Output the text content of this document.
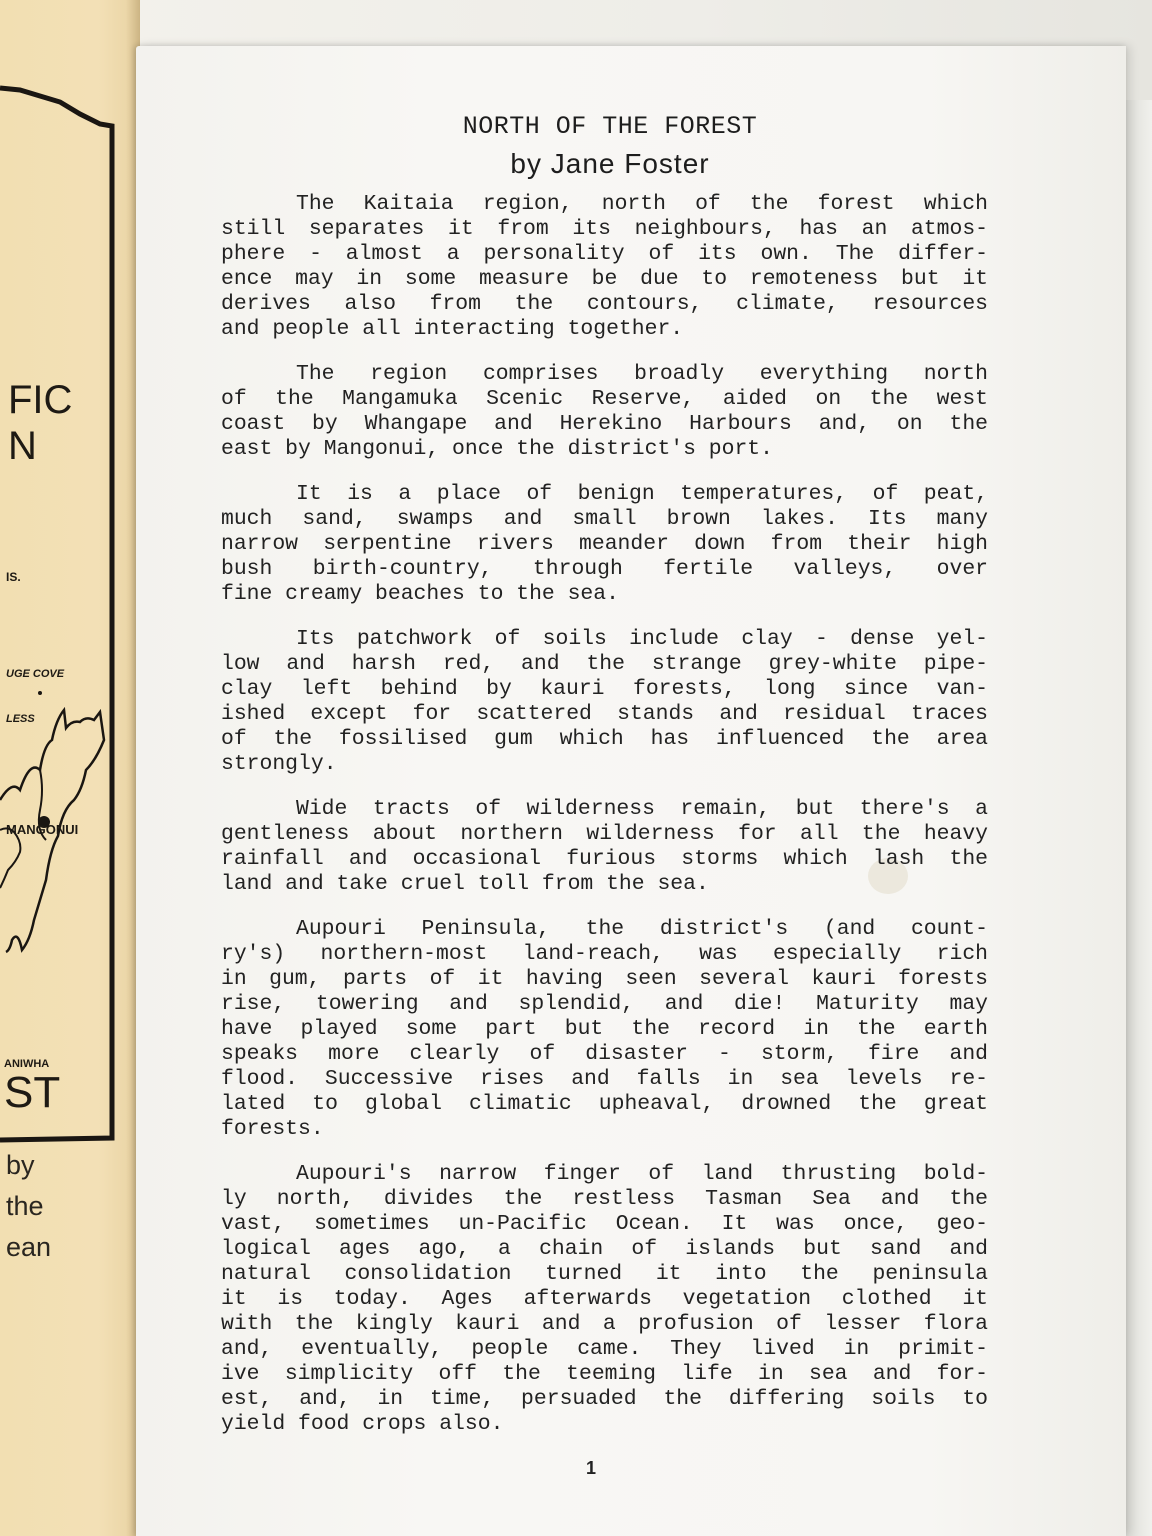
FIC
N
IS.
UGE COVE
LESS
MANGONUI
ANIWHA
ST
by
the
ean
NORTH OF THE FOREST
by Jane Foster

The Kaitaia region, north of the forest which
still separates it from its neighbours, has an atmos-
phere - almost a personality of its own. The differ-
ence may in some measure be due to remoteness but it
derives also from the contours, climate, resources
and people all interacting together.

The region comprises broadly everything north
of the Mangamuka Scenic Reserve, aided on the west
coast by Whangape and Herekino Harbours and, on the
east by Mangonui, once the district's port.

It is a place of benign temperatures, of peat,
much sand, swamps and small brown lakes. Its many
narrow serpentine rivers meander down from their high
bush birth-country, through fertile valleys, over
fine creamy beaches to the sea.

Its patchwork of soils include clay - dense yel-
low and harsh red, and the strange grey-white pipe-
clay left behind by kauri forests, long since van-
ished except for scattered stands and residual traces
of the fossilised gum which has influenced the area
strongly.

Wide tracts of wilderness remain, but there's a
gentleness about northern wilderness for all the heavy
rainfall and occasional furious storms which lash the
land and take cruel toll from the sea.

Aupouri Peninsula, the district's (and count-
ry's) northern-most land-reach, was especially rich
in gum, parts of it having seen several kauri forests
rise, towering and splendid, and die! Maturity may
have played some part but the record in the earth
speaks more clearly of disaster - storm, fire and
flood. Successive rises and falls in sea levels re-
lated to global climatic upheaval, drowned the great
forests.

Aupouri's narrow finger of land thrusting bold-
ly north, divides the restless Tasman Sea and the
vast, sometimes un-Pacific Ocean. It was once, geo-
logical ages ago, a chain of islands but sand and
natural consolidation turned it into the peninsula
it is today. Ages afterwards vegetation clothed it
with the kingly kauri and a profusion of lesser flora
and, eventually, people came. They lived in primit-
ive simplicity off the teeming life in sea and for-
est, and, in time, persuaded the differing soils to
yield food crops also.

1
